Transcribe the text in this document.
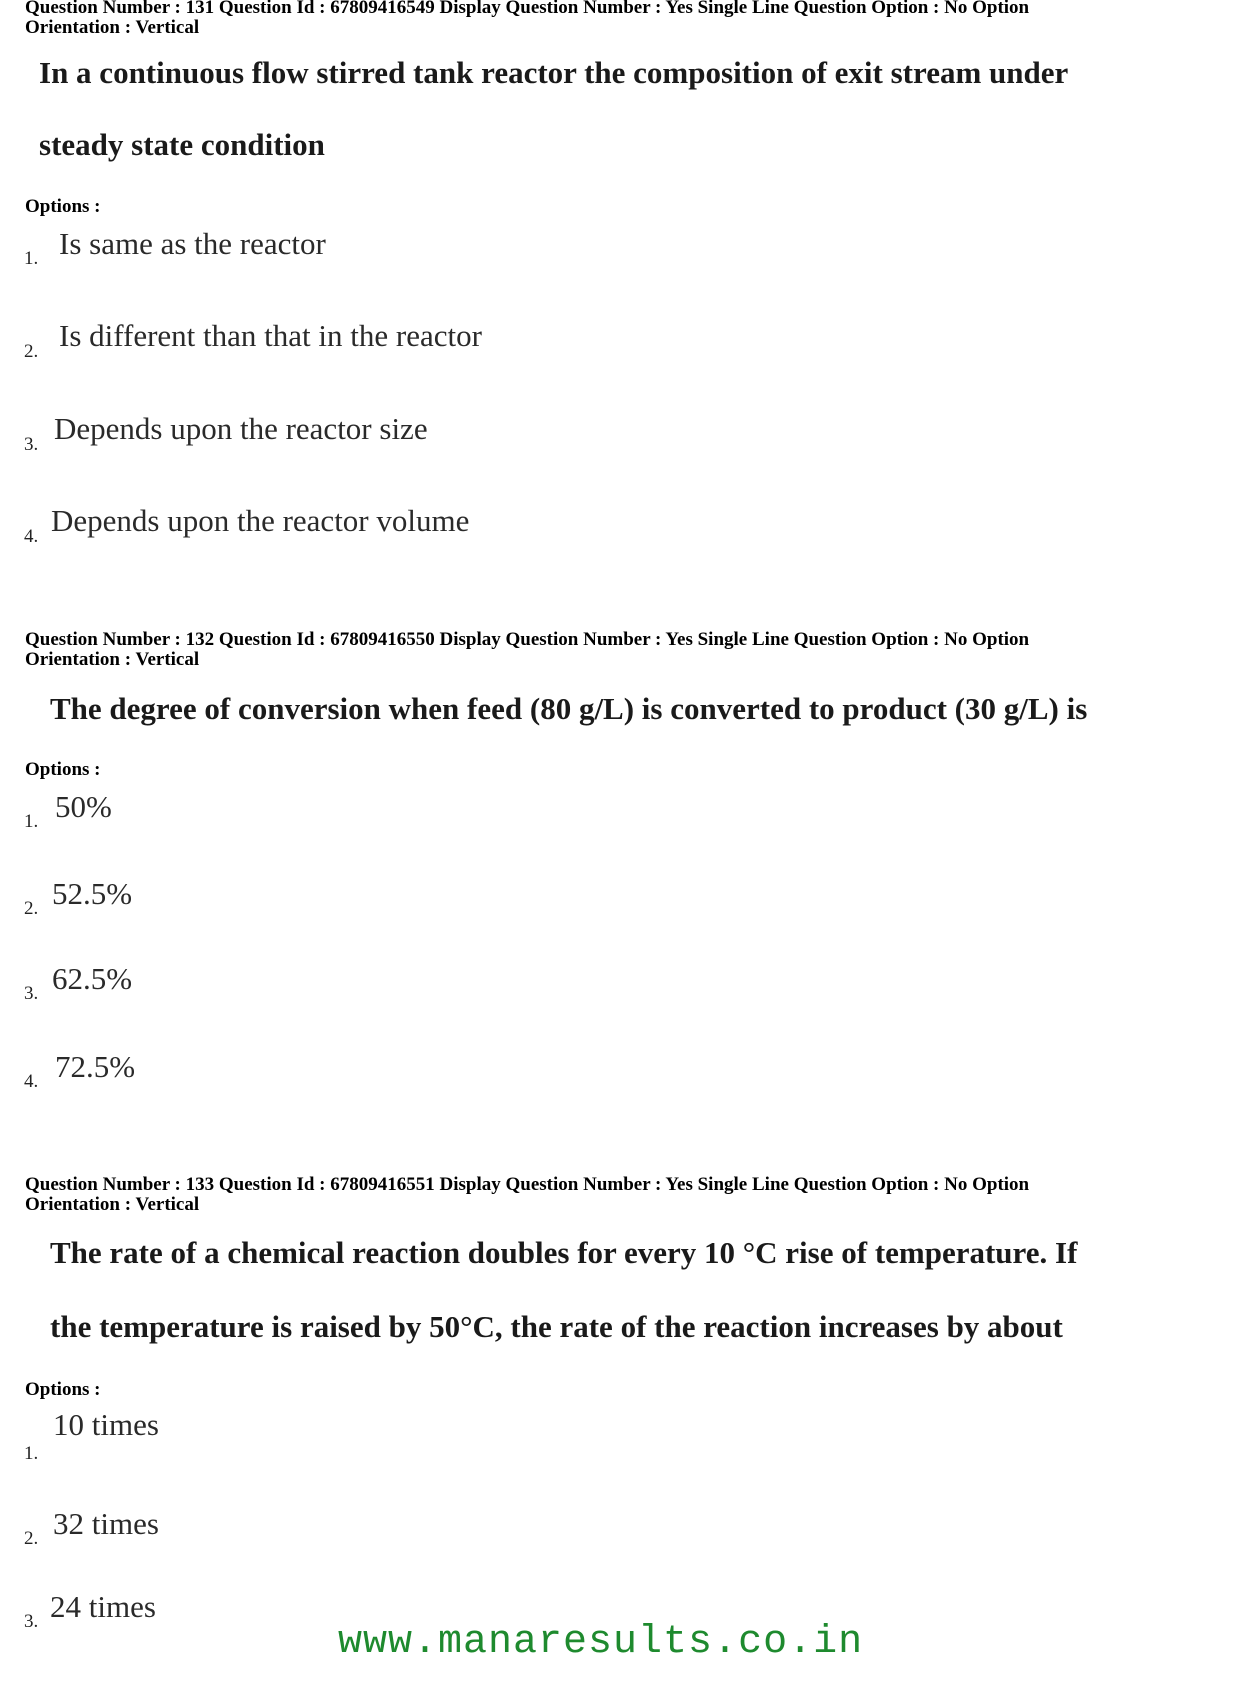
Question Number : 131 Question Id : 67809416549 Display Question Number : Yes Single Line Question Option : No Option
Orientation : Vertical
In a continuous flow stirred tank reactor the composition of exit stream under
steady state condition
Options :
1. Is same as the reactor
2. Is different than that in the reactor
3. Depends upon the reactor size
4. Depends upon the reactor volume
Question Number : 132 Question Id : 67809416550 Display Question Number : Yes Single Line Question Option : No Option
Orientation : Vertical
The degree of conversion when feed (80 g/L) is converted to product (30 g/L) is
Options :
1. 50%
2. 52.5%
3. 62.5%
4. 72.5%
Question Number : 133 Question Id : 67809416551 Display Question Number : Yes Single Line Question Option : No Option
Orientation : Vertical
The rate of a chemical reaction doubles for every 10 °C rise of temperature. If
the temperature is raised by 50°C, the rate of the reaction increases by about
Options :
1.
10 times
2. 32 times
3. 24 times
www.manaresults.co.in
